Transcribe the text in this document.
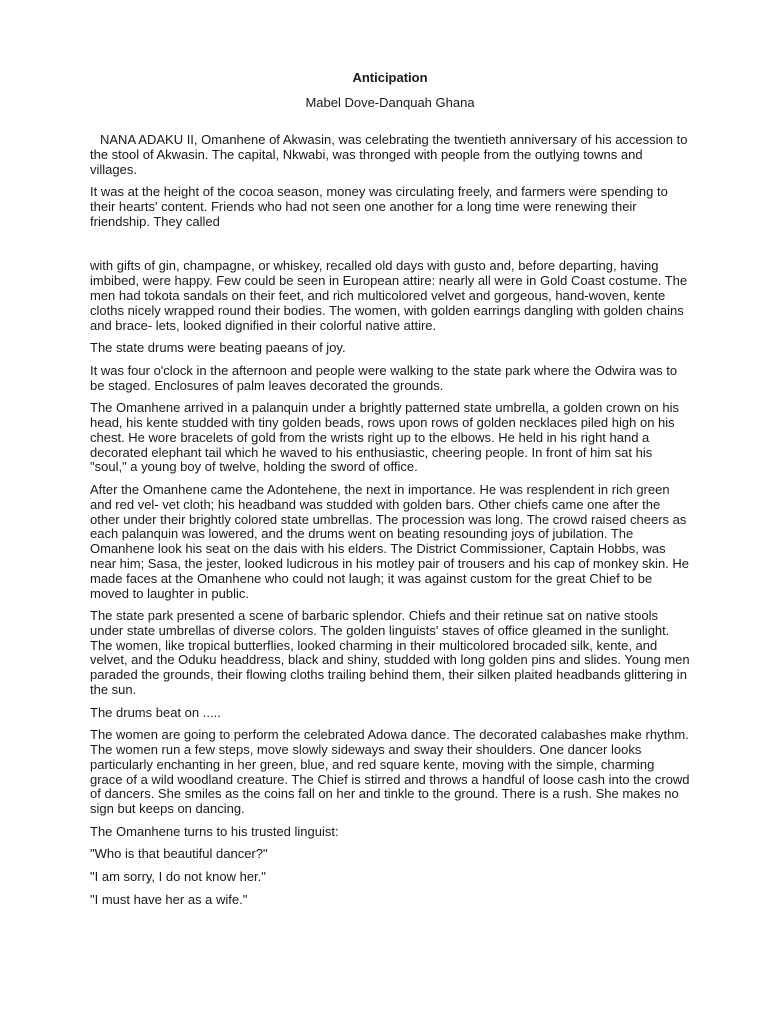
Anticipation
Mabel Dove-Danquah Ghana

NANA ADAKU II, Omanhene of Akwasin, was celebrating the twentieth anniversary of his accession to the stool of Akwasin. The capital, Nkwabi, was thronged with people from the outlying towns and villages.

It was at the height of the cocoa season, money was circulating freely, and farmers were spending to their hearts' content. Friends who had not seen one another for a long time were renewing their friendship. They called

with gifts of gin, champagne, or whiskey, recalled old days with gusto and, before departing, having imbibed, were happy. Few could be seen in European attire: nearly all were in Gold Coast costume. The men had tokota sandals on their feet, and rich multicolored velvet and gorgeous, hand-woven, kente cloths nicely wrapped round their bodies. The women, with golden earrings dangling with golden chains and brace- lets, looked dignified in their colorful native attire.

The state drums were beating paeans of joy.

It was four o'clock in the afternoon and people were walking to the state park where the Odwira was to be staged. Enclosures of palm leaves decorated the grounds.

The Omanhene arrived in a palanquin under a brightly patterned state umbrella, a golden crown on his head, his kente studded with tiny golden beads, rows upon rows of golden necklaces piled high on his chest. He wore bracelets of gold from the wrists right up to the elbows. He held in his right hand a decorated elephant tail which he waved to his enthusiastic, cheering people. In front of him sat his "soul," a young boy of twelve, holding the sword of office.

After the Omanhene came the Adontehene, the next in importance. He was resplendent in rich green and red vel- vet cloth; his headband was studded with golden bars. Other chiefs came one after the other under their brightly colored state umbrellas. The procession was long. The crowd raised cheers as each palanquin was lowered, and the drums went on beating resounding joys of jubilation. The Omanhene look his seat on the dais with his elders. The District Commissioner, Captain Hobbs, was near him; Sasa, the jester, looked ludicrous in his motley pair of trousers and his cap of monkey skin. He made faces at the Omanhene who could not laugh; it was against custom for the great Chief to be moved to laughter in public.

The state park presented a scene of barbaric splendor. Chiefs and their retinue sat on native stools under state umbrellas of diverse colors. The golden linguists' staves of office gleamed in the sunlight. The women, like tropical butterflies, looked charming in their multicolored brocaded silk, kente, and velvet, and the Oduku headdress, black and shiny, studded with long golden pins and slides. Young men paraded the grounds, their flowing cloths trailing behind them, their silken plaited headbands glittering in the sun.

The drums beat on .....

The women are going to perform the celebrated Adowa dance. The decorated calabashes make rhythm. The women run a few steps, move slowly sideways and sway their shoulders. One dancer looks particularly enchanting in her green, blue, and red square kente, moving with the simple, charming grace of a wild woodland creature. The Chief is stirred and throws a handful of loose cash into the crowd of dancers. She smiles as the coins fall on her and tinkle to the ground. There is a rush. She makes no sign but keeps on dancing.

The Omanhene turns to his trusted linguist:

"Who is that beautiful dancer?"

"I am sorry, I do not know her."

"I must have her as a wife."
